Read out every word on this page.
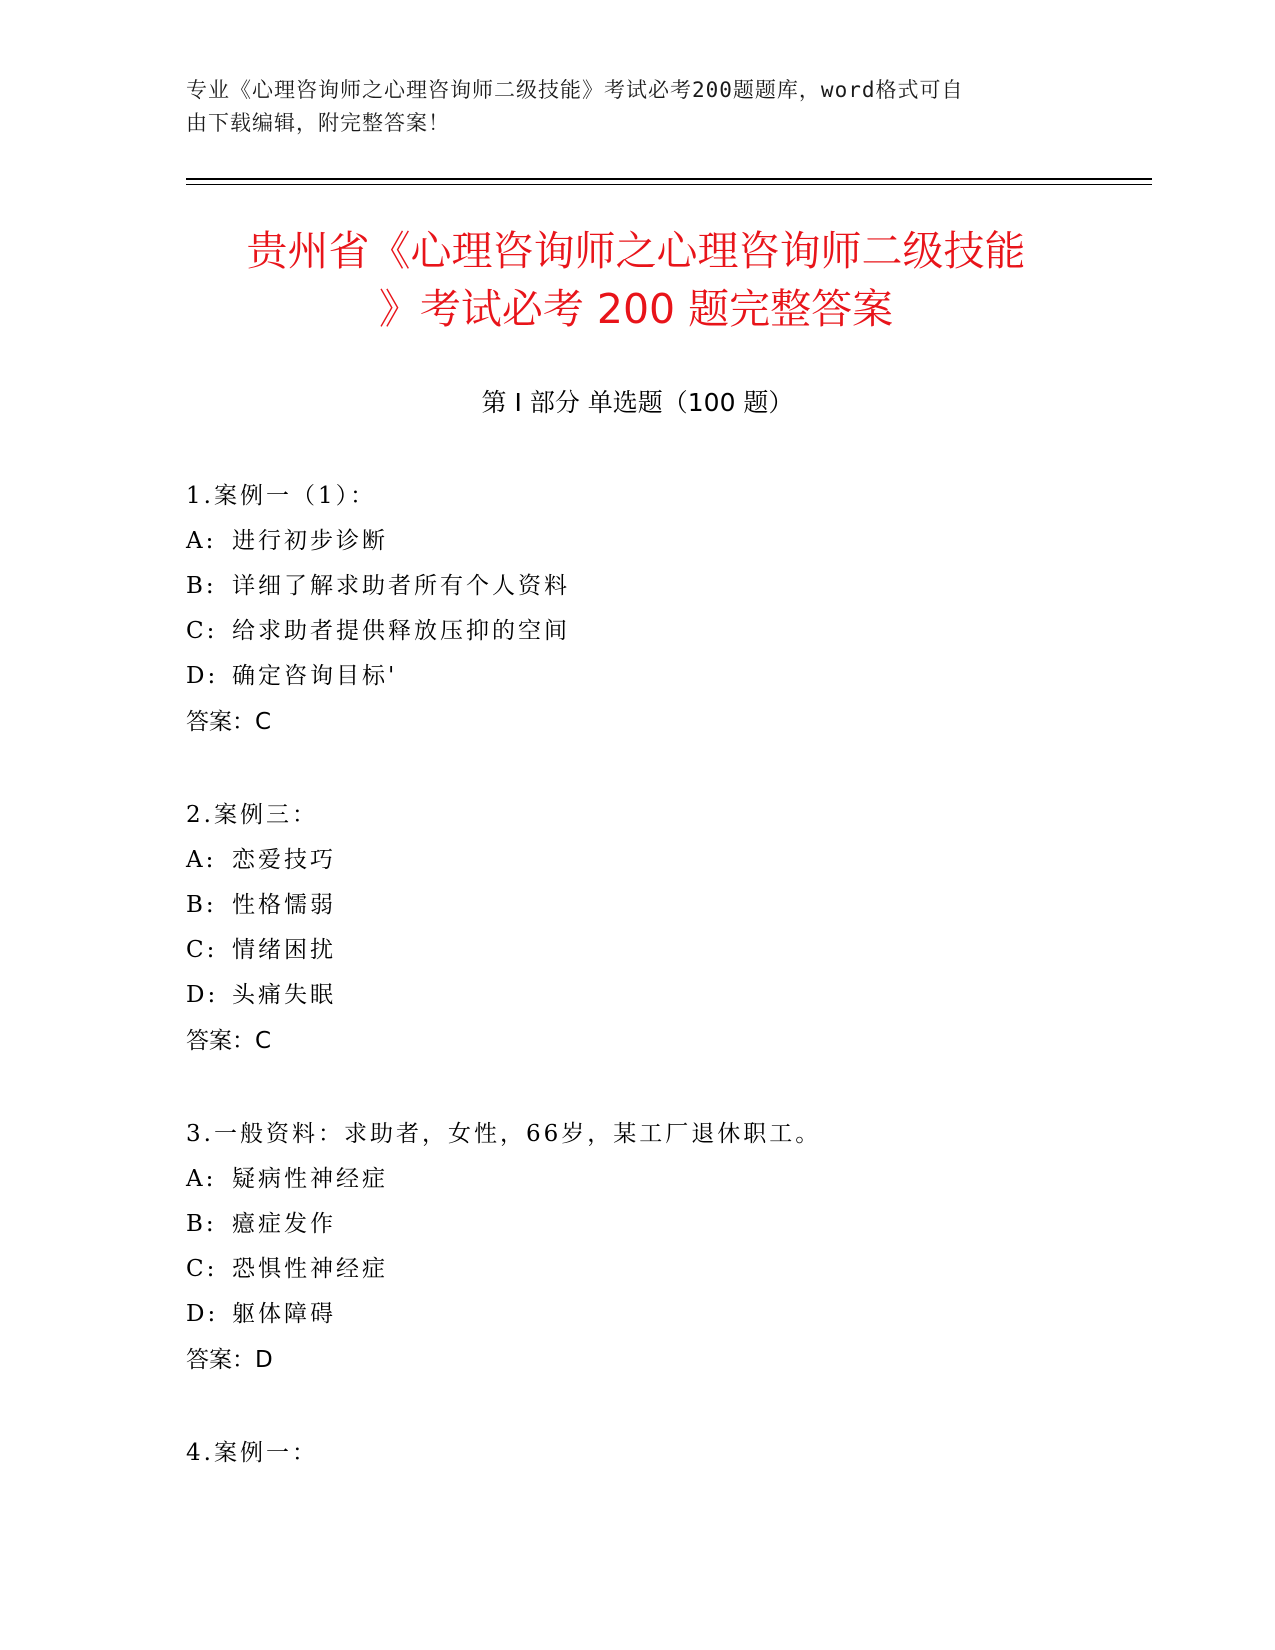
专业《心理咨询师之心理咨询师二级技能》考试必考200题题库，word格式可自
由下载编辑，附完整答案！
贵州省《心理咨询师之心理咨询师二级技能
》考试必考 200 题完整答案
第 I 部分 单选题（100 题）
1.案例一（1）：
A: 进行初步诊断
B: 详细了解求助者所有个人资料
C: 给求助者提供释放压抑的空间
D: 确定咨询目标'
答案：C
2.案例三：
A: 恋爱技巧
B: 性格懦弱
C: 情绪困扰
D: 头痛失眠
答案：C
3.一般资料：求助者，女性，66岁，某工厂退休职工。
A: 疑病性神经症
B: 癔症发作
C: 恐惧性神经症
D: 躯体障碍
答案：D
4.案例一：
